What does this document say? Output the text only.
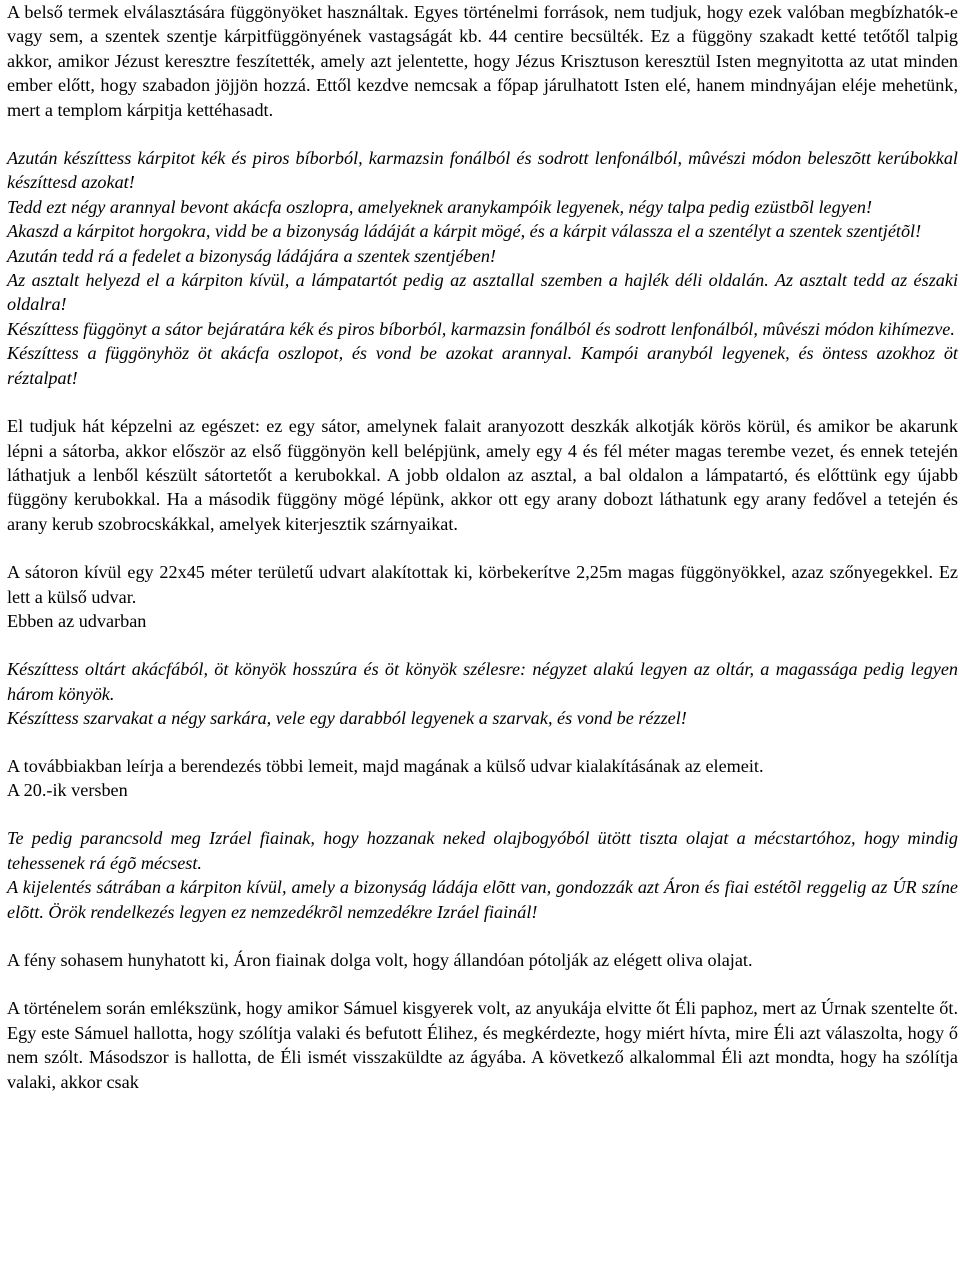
A belső termek elválasztására függönyöket használtak. Egyes történelmi források, nem tudjuk, hogy ezek valóban megbízhatók-e vagy sem, a szentek szentje kárpitfüggönyének vastagságát kb. 44 centire becsülték. Ez a függöny szakadt ketté tetőtől talpig akkor, amikor Jézust keresztre feszítették, amely azt jelentette, hogy Jézus Krisztuson keresztül Isten megnyitotta az utat minden ember előtt, hogy szabadon jöjjön hozzá. Ettől kezdve nemcsak a főpap járulhatott Isten elé, hanem mindnyájan eléje mehetünk, mert a templom kárpitja kettéhasadt.

Azután készíttess kárpitot kék és piros bíborból, karmazsin fonálból és sodrott lenfonálból, mûvészi módon beleszõtt kerúbokkal készíttesd azokat!

Tedd ezt négy arannyal bevont akácfa oszlopra, amelyeknek aranykampóik legyenek, négy talpa pedig ezüstbõl legyen!

Akaszd a kárpitot horgokra, vidd be a bizonyság ládáját a kárpit mögé, és a kárpit válassza el a szentélyt a szentek szentjétõl!

Azután tedd rá a fedelet a bizonyság ládájára a szentek szentjében!

Az asztalt helyezd el a kárpiton kívül, a lámpatartót pedig az asztallal szemben a hajlék déli oldalán. Az asztalt tedd az északi oldalra!

Készíttess függönyt a sátor bejáratára kék és piros bíborból, karmazsin fonálból és sodrott lenfonálból, mûvészi módon kihímezve.

Készíttess a függönyhöz öt akácfa oszlopot, és vond be azokat arannyal. Kampói aranyból legyenek, és öntess azokhoz öt réztalpat!

El tudjuk hát képzelni az egészet: ez egy sátor, amelynek falait aranyozott deszkák alkotják körös körül, és amikor be akarunk lépni a sátorba, akkor először az első függönyön kell belépjünk, amely egy 4 és fél méter magas terembe vezet, és ennek tetején láthatjuk a lenből készült sátortetőt a kerubokkal. A jobb oldalon az asztal, a bal oldalon a lámpatartó, és előttünk egy újabb függöny kerubokkal. Ha a második függöny mögé lépünk, akkor ott egy arany dobozt láthatunk egy arany fedővel a tetején és arany kerub szobrocskákkal, amelyek kiterjesztik szárnyaikat.

A sátoron kívül egy 22x45 méter területű udvart alakítottak ki, körbekerítve 2,25m magas függönyökkel, azaz szőnyegekkel. Ez lett a külső udvar.

Ebben az udvarban

Készíttess oltárt akácfából, öt könyök hosszúra és öt könyök szélesre: négyzet alakú legyen az oltár, a magassága pedig legyen három könyök.

Készíttess szarvakat a négy sarkára, vele egy darabból legyenek a szarvak, és vond be rézzel!

A továbbiakban leírja a berendezés többi lemeit, majd magának a külső udvar kialakításának az elemeit.

A 20.-ik versben

Te pedig parancsold meg Izráel fiainak, hogy hozzanak neked olajbogyóból ütött tiszta olajat a mécstartóhoz, hogy mindig tehessenek rá égõ mécsest.

A kijelentés sátrában a kárpiton kívül, amely a bizonyság ládája elõtt van, gondozzák azt Áron és fiai estétõl reggelig az ÚR színe elõtt. Örök rendelkezés legyen ez nemzedékrõl nemzedékre Izráel fiainál!

A fény sohasem hunyhatott ki, Áron fiainak dolga volt, hogy állandóan pótolják az elégett oliva olajat.

A történelem során emlékszünk, hogy amikor Sámuel kisgyerek volt, az anyukája elvitte őt Éli paphoz, mert az Úrnak szentelte őt. Egy este Sámuel hallotta, hogy szólítja valaki és befutott Élihez, és megkérdezte, hogy miért hívta, mire Éli azt válaszolta, hogy ő nem szólt. Másodszor is hallotta, de Éli ismét visszaküldte az ágyába. A következő alkalommal Éli azt mondta, hogy ha szólítja valaki, akkor csak
